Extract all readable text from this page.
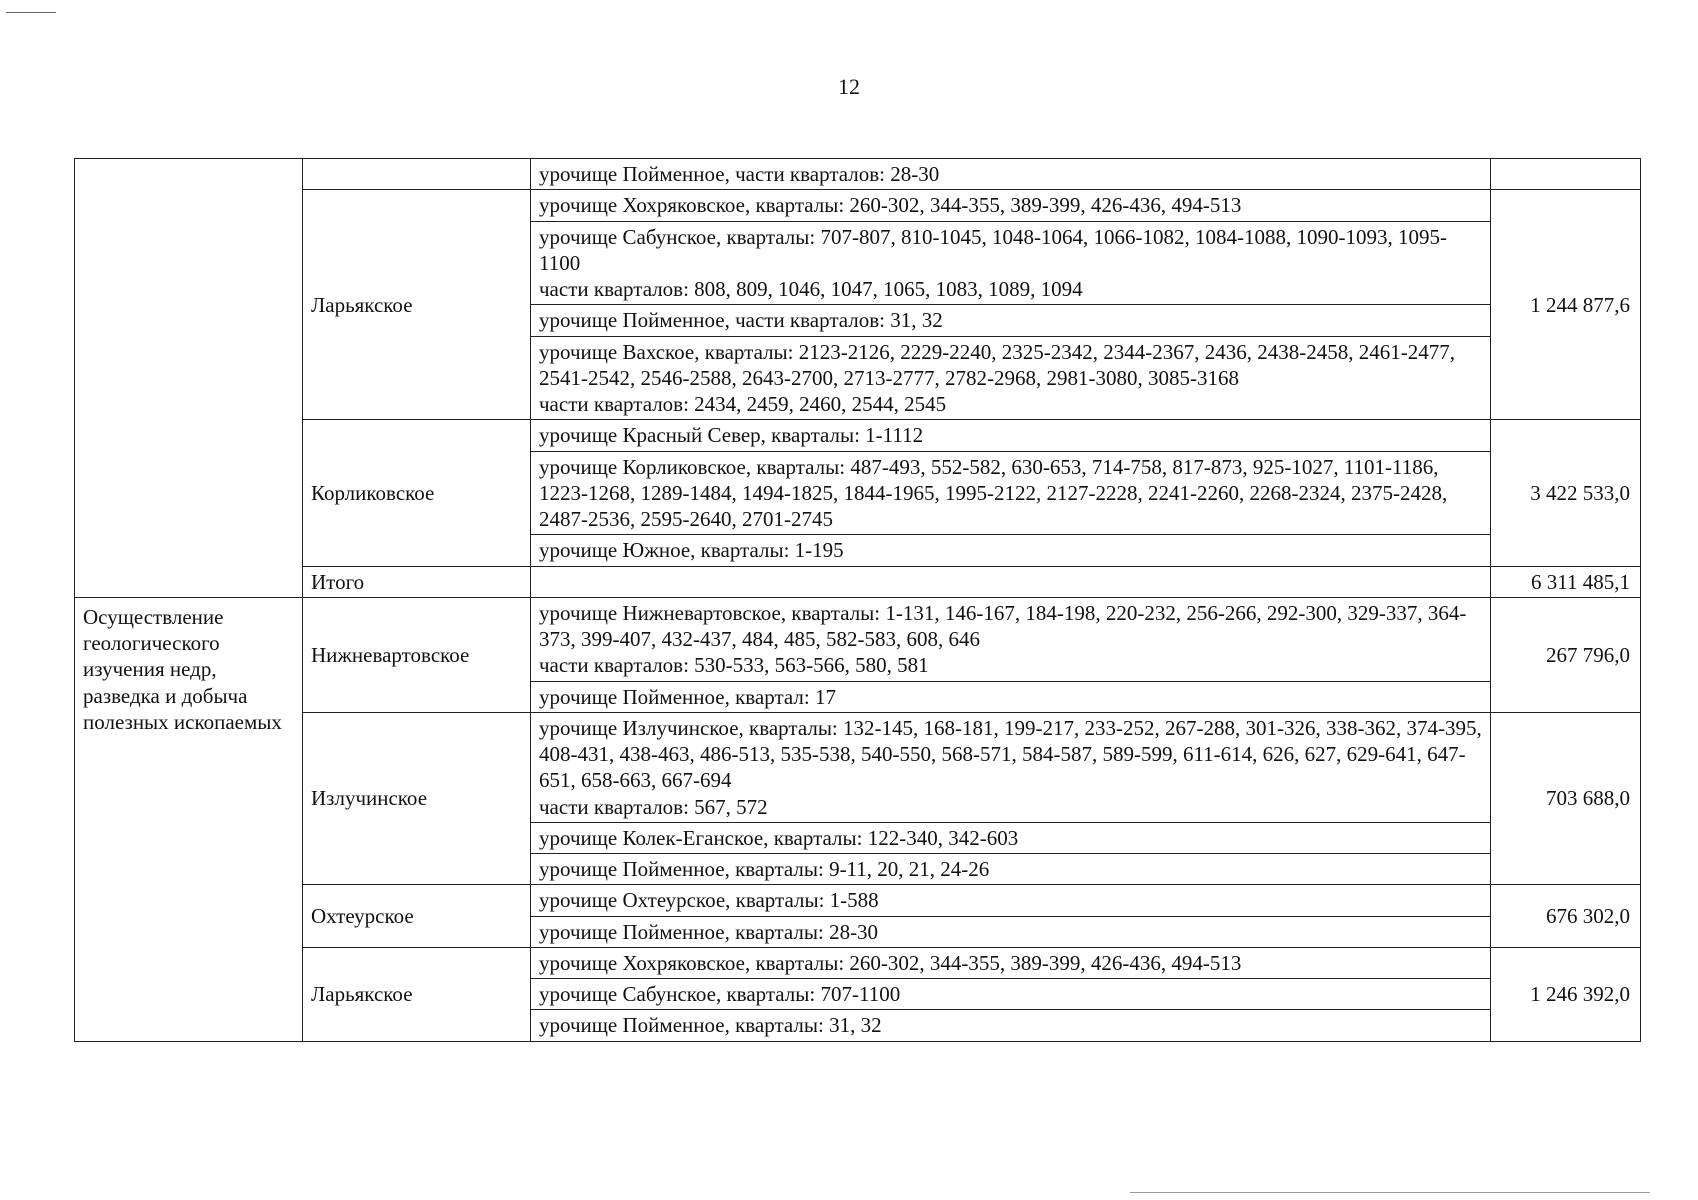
12

		урочище Пойменное, части кварталов: 28-30	

	Ларьякское	урочище Хохряковское, кварталы: 260-302, 344-355, 389-399, 426-436, 494-513	1 244 877,6

		урочище Сабунское, кварталы: 707-807, 810-1045, 1048-1064, 1066-1082, 1084-1088, 1090-1093, 1095-1100
части кварталов: 808, 809, 1046, 1047, 1065, 1083, 1089, 1094	

		урочище Пойменное, части кварталов: 31, 32	

		урочище Вахское, кварталы: 2123-2126, 2229-2240, 2325-2342, 2344-2367, 2436, 2438-2458, 2461-2477, 2541-2542, 2546-2588, 2643-2700, 2713-2777, 2782-2968, 2981-3080, 3085-3168
части кварталов: 2434, 2459, 2460, 2544, 2545	

	Корликовское	урочище Красный Север, кварталы: 1-1112	3 422 533,0

		урочище Корликовское, кварталы: 487-493, 552-582, 630-653, 714-758, 817-873, 925-1027, 1101-1186, 1223-1268, 1289-1484, 1494-1825, 1844-1965, 1995-2122, 2127-2228, 2241-2260, 2268-2324, 2375-2428, 2487-2536, 2595-2640, 2701-2745	

		урочище Южное, кварталы: 1-195	

	Итого		6 311 485,1
Осуществление геологического изучения недр, разведка и добыча полезных ископаемых	Нижневартовское	урочище Нижневартовское, кварталы: 1-131, 146-167, 184-198, 220-232, 256-266, 292-300, 329-337, 364-373, 399-407, 432-437, 484, 485, 582-583, 608, 646
части кварталов: 530-533, 563-566, 580, 581	267 796,0

		урочище Пойменное, квартал: 17	

	Излучинское	урочище Излучинское, кварталы: 132-145, 168-181, 199-217, 233-252, 267-288, 301-326, 338-362, 374-395, 408-431, 438-463, 486-513, 535-538, 540-550, 568-571, 584-587, 589-599, 611-614, 626, 627, 629-641, 647-651, 658-663, 667-694
части кварталов: 567, 572	703 688,0

		урочище Колек-Еганское, кварталы: 122-340, 342-603	

		урочище Пойменное, кварталы: 9-11, 20, 21, 24-26	

	Охтеурское	урочище Охтеурское, кварталы: 1-588	676 302,0

		урочище Пойменное, кварталы: 28-30	

	Ларьякское	урочище Хохряковское, кварталы: 260-302, 344-355, 389-399, 426-436, 494-513	1 246 392,0

		урочище Сабунское, кварталы: 707-1100	

		урочище Пойменное, кварталы: 31, 32	
